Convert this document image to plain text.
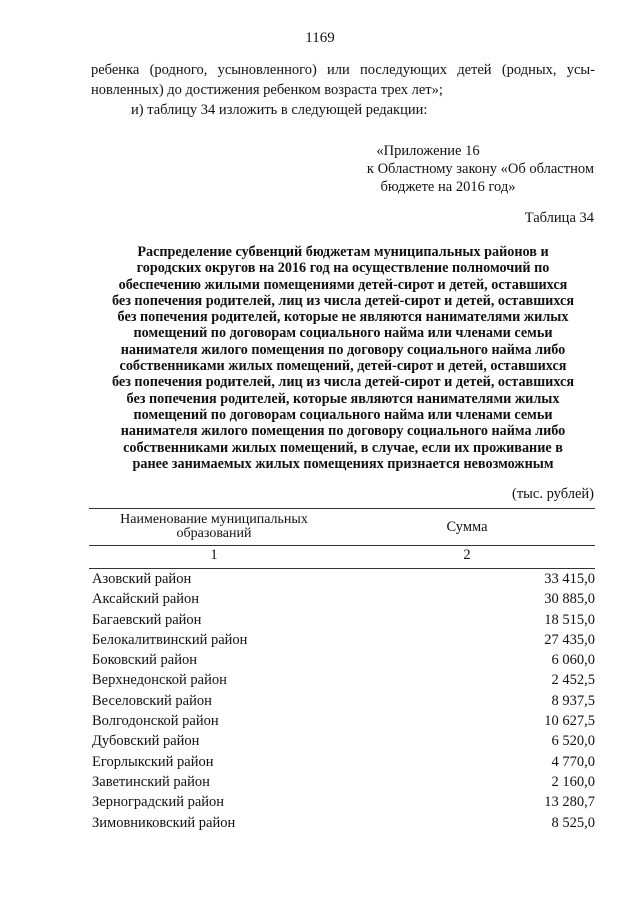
1169
ребенка (родного, усыновленного) или последующих детей (родных, усы-
новленных) до достижения ребенком возраста трех лет»;
и) таблицу 34 изложить в следующей редакции:
«Приложение 16
к Областному закону «Об областном
бюджете на 2016 год»
Таблица 34
Распределение субвенций бюджетам муниципальных районов и
городских округов на 2016 год на осуществление полномочий по
обеспечению жилыми помещениями детей-сирот и детей, оставшихся
без попечения родителей, лиц из числа детей-сирот и детей, оставшихся
без попечения родителей, которые не являются нанимателями жилых
помещений по договорам социального найма или членами семьи
нанимателя жилого помещения по договору социального найма либо
собственниками жилых помещений, детей-сирот и детей, оставшихся
без попечения родителей, лиц из числа детей-сирот и детей, оставшихся
без попечения родителей, которые являются нанимателями жилых
помещений по договорам социального найма или членами семьи
нанимателя жилого помещения по договору социального найма либо
собственниками жилых помещений, в случае, если их проживание в
ранее занимаемых жилых помещениях признается невозможным
(тыс. рублей)
Наименование муниципальных
образований	Сумма
1	2
Азовский район	33 415,0
Аксайский район	30 885,0
Багаевский район	18 515,0
Белокалитвинский район	27 435,0
Боковский район	6 060,0
Верхнедонской район	2 452,5
Веселовский район	8 937,5
Волгодонской район	10 627,5
Дубовский район	6 520,0
Егорлыкский район	4 770,0
Заветинский район	2 160,0
Зерноградский район	13 280,7
Зимовниковский район	8 525,0
